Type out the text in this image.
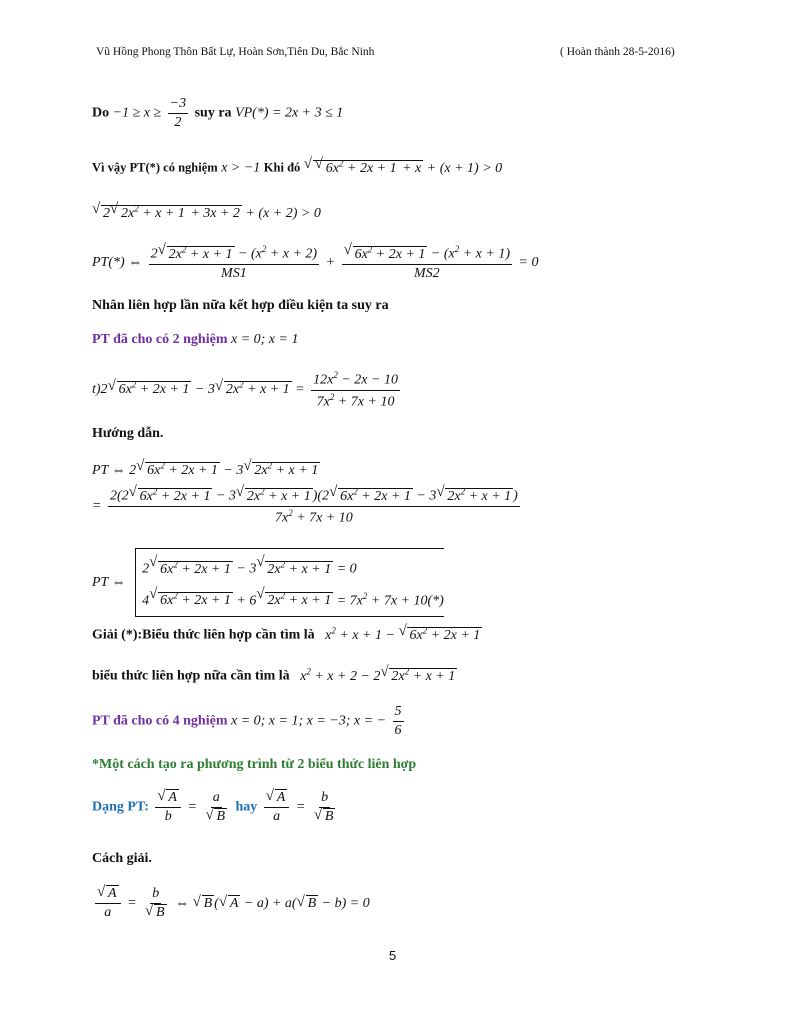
Vũ Hồng Phong Thôn Bất Lự, Hoàn Sơn,Tiên Du, Bắc Ninh	( Hoàn thành 28-5-2016)
$Do -1 \ge x \ge \frac{-3}{2}$ suy ra VP(*) = 2x + 3 ≤ 1
Vì vậy PT(*) có nghiệm x > −1 Khi đó √ √ $6x^2 + 2x + 1 + x + (x + 1) > 0$
√ 2√ $2x^2 + x + 1 + 3x + 2 + (x + 2) > 0$
PT(*) ⇔ $\frac{2√ 2x^2 + x + 1 - (x^2 + x + 2)}{MS1}$ +
√ $\frac{6x^2 + 2x + 1 - (x^2 + x + 1)}{MS2} = 0$
Nhân liên hợp lần nữa kết hợp điều kiện ta suy ra
PT đã cho có 2 nghiệm x = 0; x = 1
t)2√ $6x^2 + 2x + 1 - 3√$ $2x^2 + x + 1 = \frac{12x^2 - 2x - 10}{7x^2 + 7x + 10}$
Hướng dẫn.
PT ⇔ 2√ $6x^2 + 2x + 1 - 3√$ $2x^2 + x + 1$
=
2(2√ $6x^2 + 2x + 1 - 3√$ $2x^2 + x + 1$ )(2√ $6x^2 + 2x + 1 - 3√$ $2x^2 + x + 1$ )
$7x^2 + 7x + 10$
PT ⇔
2√ $6x^2 + 2x + 1 - 3√$ $2x^2 + x + 1 = 0$
4√ $6x^2 + 2x + 1 + 6√$ $2x^2 + x + 1 = 7x^2 + 7x + 10(*)$
Giải (*):Biểu thức liên hợp cần tìm là   $x^2 + x + 1$ − √ $6x^2 + 2x + 1$
biểu thức liên hợp nữa cần tìm là   $x^2 + x + 2 - 2√$ $2x^2 + x + 1$
PT đã cho có 4 nghiệm x = 0; x = 1; x = −3; x = − $\frac{5}{6}$
*Một cách tạo ra phương trình từ 2 biểu thức liên hợp
Dạng PT:
√ $\frac{A}{b} = a$
√ B hay
√ $\frac{A}{a} = b$
√ B
Cách giải.
√ $\frac{A}{a} = b$
√ B ⇔ √ B (√ A − a) + a(√ B − b) = 0
5
